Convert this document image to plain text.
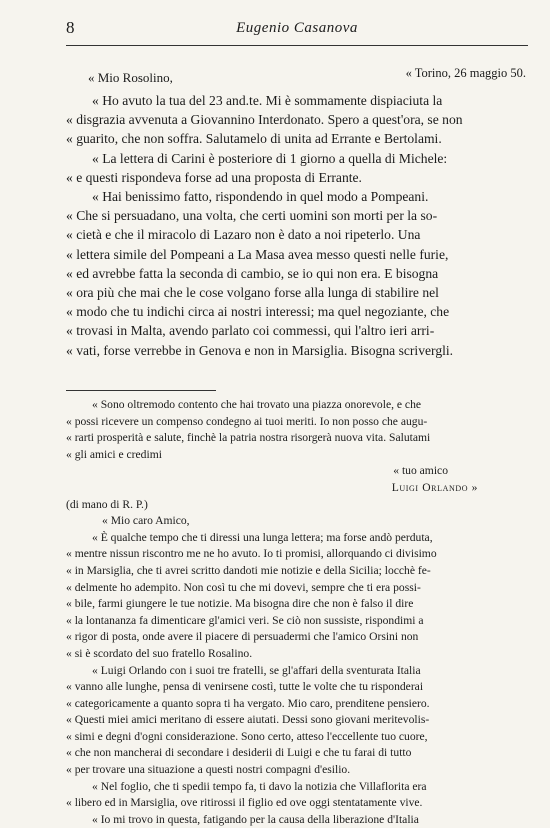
8	Eugenio Casanova
« Mio Rosolino,	« Torino, 26 maggio 50.
« Ho avuto la tua del 23 and.te. Mi è sommamente dispiaciuta la
« disgrazia avvenuta a Giovannino Interdonato. Spero a quest'ora, se non
« guarito, che non soffra. Salutamelo di unita ad Errante e Bertolami.
« La lettera di Carini è posteriore di 1 giorno a quella di Michele:
« e questi rispondeva forse ad una proposta di Errante.
« Hai benissimo fatto, rispondendo in quel modo a Pompeani.
« Che si persuadano, una volta, che certi uomini son morti per la so-
« cietà e che il miracolo di Lazaro non è dato a noi ripeterlo. Una
« lettera simile del Pompeani a La Masa avea messo questi nelle furie,
« ed avrebbe fatta la seconda di cambio, se io qui non era. E bisogna
« ora più che mai che le cose volgano forse alla lunga di stabilire nel
« modo che tu indichi circa ai nostri interessi; ma quel negoziante, che
« trovasi in Malta, avendo parlato coi commessi, qui l'altro ieri arri-
« vati, forse verrebbe in Genova e non in Marsiglia. Bisogna scrivergli.
« Sono oltremodo contento che hai trovato una piazza onorevole, e che
« possi ricevere un compenso condegno ai tuoi meriti. Io non posso che augu-
« rarti prosperità e salute, finchè la patria nostra risorgerà nuova vita. Salutami
« gli amici e credimi
« tuo amico
Luigi Orlando »
(di mano di R. P.)
« Mio caro Amico,
« È qualche tempo che ti diressi una lunga lettera; ma forse andò perduta,
« mentre nissun riscontro me ne ho avuto. Io ti promisi, allorquando ci divisimo
« in Marsiglia, che ti avrei scritto dandoti mie notizie e della Sicilia; locchè fe-
« delmente ho adempito. Non così tu che mi dovevi, sempre che ti era possi-
« bile, farmi giungere le tue notizie. Ma bisogna dire che non è falso il dire
« la lontananza fa dimenticare gl'amici veri. Se ciò non sussiste, rispondimi a
« rigor di posta, onde avere il piacere di persuadermi che l'amico Orsini non
« si è scordato del suo fratello Rosalino.
« Luigi Orlando con i suoi tre fratelli, se gl'affari della sventurata Italia
« vanno alle lunghe, pensa di venirsene costì, tutte le volte che tu risponderai
« categoricamente a quanto sopra ti ha vergato. Mio caro, prenditene pensiero.
« Questi miei amici meritano di essere aiutati. Dessi sono giovani meritevolis-
« simi e degni d'ogni considerazione. Sono certo, atteso l'eccellente tuo cuore,
« che non mancherai di secondare i desiderii di Luigi e che tu farai di tutto
« per trovare una situazione a questi nostri compagni d'esilio.
« Nel foglio, che ti spedii tempo fa, ti davo la notizia che Villaflorita era
« libero ed in Marsiglia, ove ritirossi il figlio ed ove oggi stentatamente vive.
« Io mi trovo in questa, fatigando per la causa della liberazione d'Italia
